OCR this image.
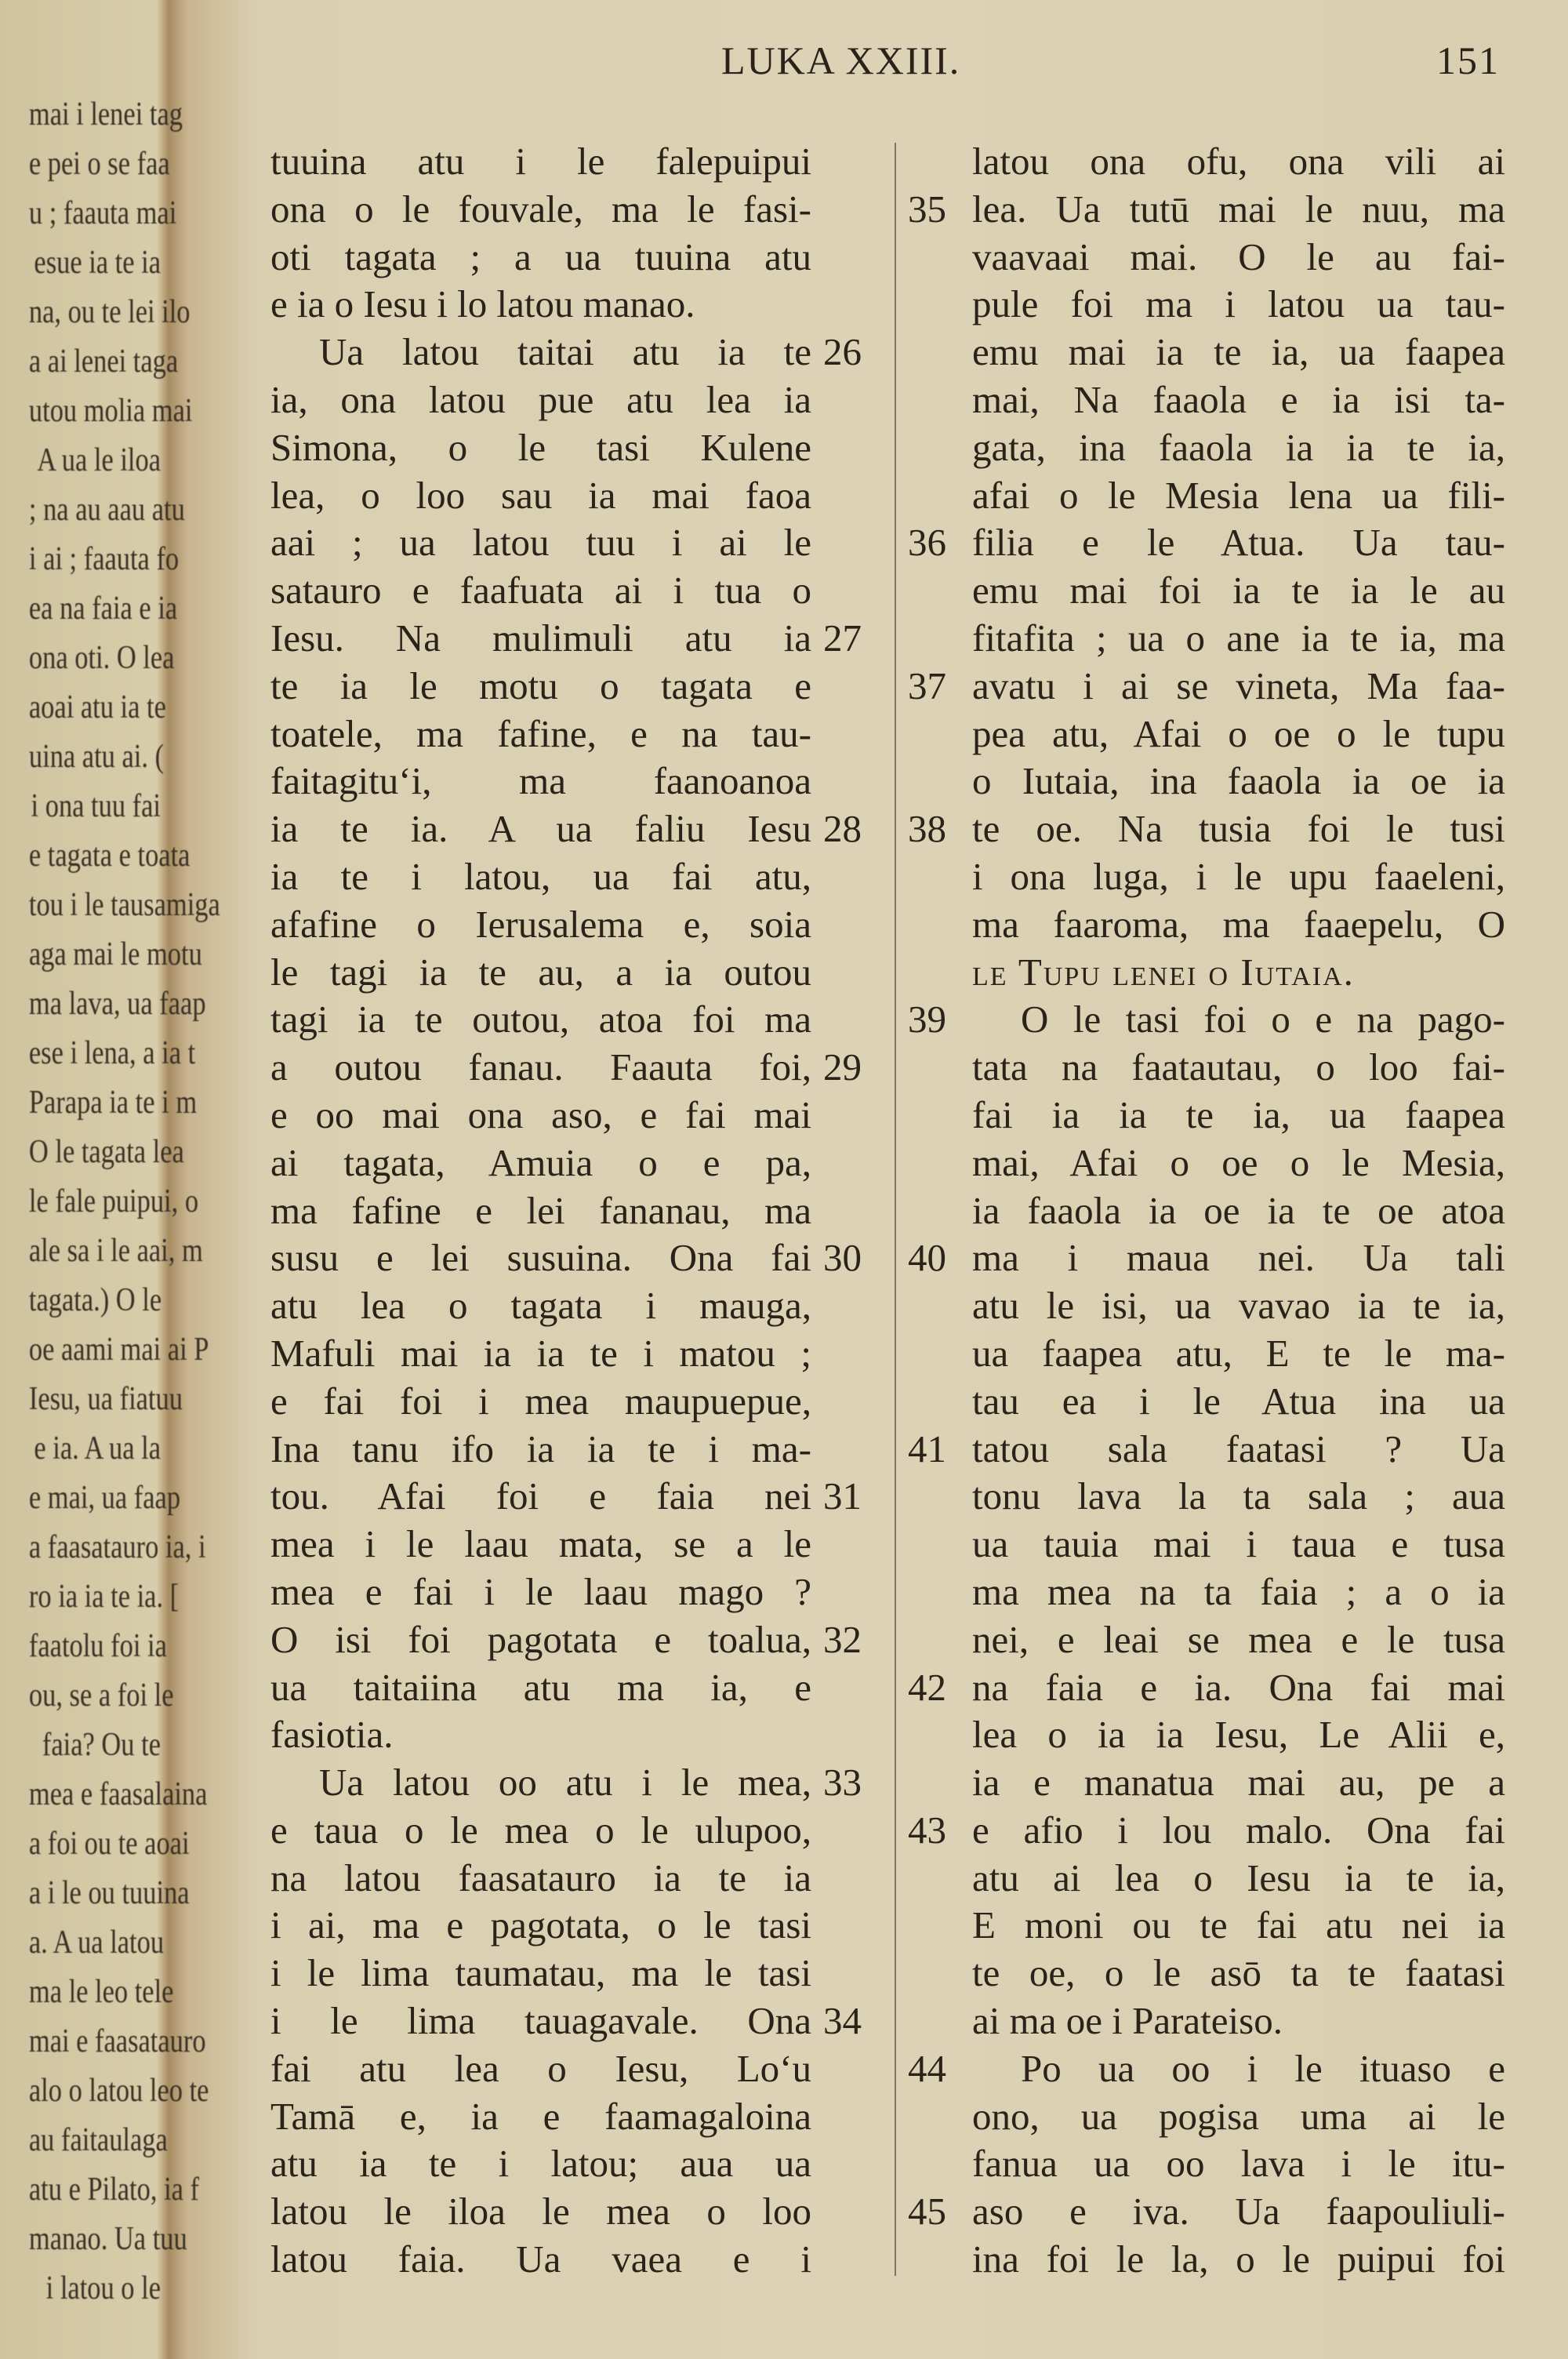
mai i lenei tag
e pei o se faa
u ; faauta mai
esue ia te ia
na, ou te lei ilo
a ai lenei taga
utou molia mai
A ua le iloa
; na au aau atu
i ai ; faauta fo
ea na faia e ia
ona oti. O lea
aoai atu ia te
uina atu ai. (
i ona tuu fai
e tagata e toata
tou i le tausamiga
aga mai le motu
ma lava, ua faap
ese i lena, a ia t
Parapa ia te i m
O le tagata lea
le fale puipui, o
ale sa i le aai, m
tagata.) O le
oe aami mai ai P
Iesu, ua fiatuu
e ia. A ua la
e mai, ua faap
a faasatauro ia, i
ro ia ia te ia. [
faatolu foi ia
ou, se a foi le
faia? Ou te
mea e faasalaina
a foi ou te aoai
a i le ou tuuina
a. A ua latou
ma le leo tele
mai e faasatauro
alo o latou leo te
au faitaulaga
atu e Pilato, ia f
manao. Ua tuu
i latou o le
LUKA XXIII.	151
tuuina atu i le falepuipui
ona o le fouvale, ma le fasi-
oti tagata ; a ua tuuina atu
e ia o Iesu i lo latou manao.
Ua latou taitai atu ia te 26
ia, ona latou pue atu lea ia
Simona, o le tasi Kulene
lea, o loo sau ia mai faoa
aai ; ua latou tuu i ai le
satauro e faafuata ai i tua o
Iesu. Na mulimuli atu ia 27
te ia le motu o tagata e
toatele, ma fafine, e na tau-
faitagitu‘i, ma faanoanoa
ia te ia. A ua faliu Iesu 28
ia te i latou, ua fai atu,
afafine o Ierusalema e, soia
le tagi ia te au, a ia outou
tagi ia te outou, atoa foi ma
a outou fanau. Faauta foi, 29
e oo mai ona aso, e fai mai
ai tagata, Amuia o e pa,
ma fafine e lei fananau, ma
susu e lei susuina. Ona fai 30
atu lea o tagata i mauga,
Mafuli mai ia ia te i matou ;
e fai foi i mea maupuepue,
Ina tanu ifo ia ia te i ma-
tou. Afai foi e faia nei 31
mea i le laau mata, se a le
mea e fai i le laau mago ?
O isi foi pagotata e toalua, 32
ua taitaiina atu ma ia, e
fasiotia.
Ua latou oo atu i le mea, 33
e taua o le mea o le ulupoo,
na latou faasatauro ia te ia
i ai, ma e pagotata, o le tasi
i le lima taumatau, ma le tasi
i le lima tauagavale. Ona 34
fai atu lea o Iesu, Lo‘u
Tamā e, ia e faamagaloina
atu ia te i latou; aua ua
latou le iloa le mea o loo
latou faia. Ua vaea e i
latou ona ofu, ona vili ai
lea. Ua tutū mai le nuu, ma
35
vaavaai mai. O le au fai-
pule foi ma i latou ua tau-
emu mai ia te ia, ua faapea
mai, Na faaola e ia isi ta-
gata, ina faaola ia ia te ia,
afai o le Mesia lena ua fili-
filia e le Atua. Ua tau-
36
emu mai foi ia te ia le au
fitafita ; ua o ane ia te ia, ma
avatu i ai se vineta, Ma faa-
37
pea atu, Afai o oe o le tupu
o Iutaia, ina faaola ia oe ia
te oe. Na tusia foi le tusi
38
i ona luga, i le upu faaeleni,
ma faaroma, ma faaepelu, O
le Tupu lenei o Iutaia.
O le tasi foi o e na pago-
39
tata na faatautau, o loo fai-
fai ia ia te ia, ua faapea
mai, Afai o oe o le Mesia,
ia faaola ia oe ia te oe atoa
ma i maua nei. Ua tali
40
atu le isi, ua vavao ia te ia,
ua faapea atu, E te le ma-
tau ea i le Atua ina ua
tatou sala faatasi ? Ua
41
tonu lava la ta sala ; aua
ua tauia mai i taua e tusa
ma mea na ta faia ; a o ia
nei, e leai se mea e le tusa
na faia e ia. Ona fai mai
42
lea o ia ia Iesu, Le Alii e,
ia e manatua mai au, pe a
e afio i lou malo. Ona fai
43
atu ai lea o Iesu ia te ia,
E moni ou te fai atu nei ia
te oe, o le asō ta te faatasi
ai ma oe i Parateiso.
Po ua oo i le ituaso e
44
ono, ua pogisa uma ai le
fanua ua oo lava i le itu-
aso e iva. Ua faapouliuli-
45
ina foi le la, o le puipui foi
